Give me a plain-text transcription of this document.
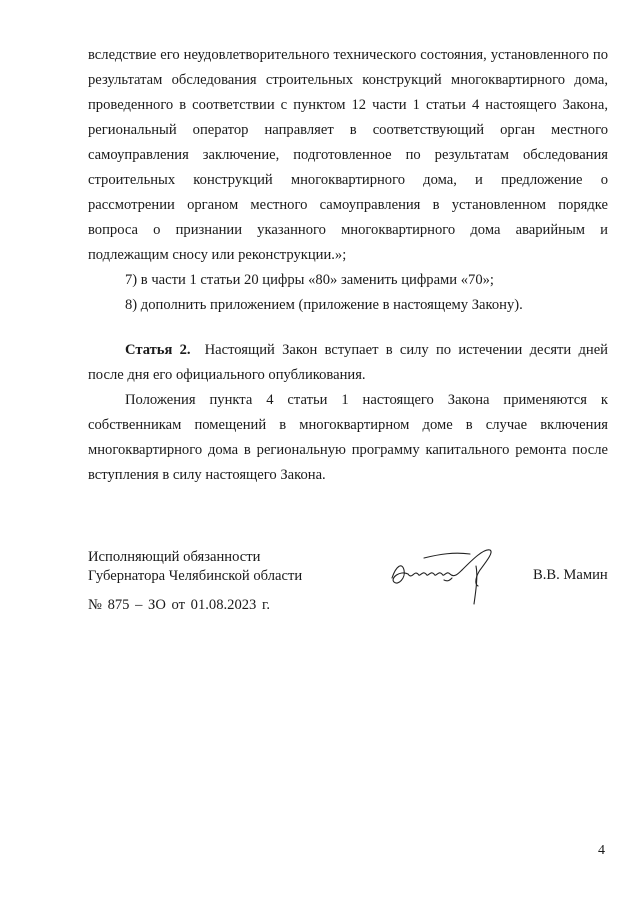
вследствие его неудовлетворительного технического состояния, установленного по результатам обследования строительных конструкций многоквартирного дома, проведенного в соответствии с пунктом 12 части 1 статьи 4 настоящего Закона, региональный оператор направляет в соответствующий орган местного самоуправления заключение, подготовленное по результатам обследования строительных конструкций многоквартирного дома, и предложение о рассмотрении органом местного самоуправления в установленном порядке вопроса о признании указанного многоквартирного дома аварийным и подлежащим сносу или реконструкции.»;

7) в части 1 статьи 20 цифры «80» заменить цифрами «70»;

8) дополнить приложением (приложение в настоящему Закону).

Статья 2. Настоящий Закон вступает в силу по истечении десяти дней после дня его официального опубликования.

Положения пункта 4 статьи 1 настоящего Закона применяются к собственникам помещений в многоквартирном доме в случае включения многоквартирного дома в региональную программу капитального ремонта после вступления в силу настоящего Закона.

Исполняющий обязанности
Губернатора Челябинской области	В.В. Мамин
№ 875 – ЗО от 01.08.2023 г.
4
